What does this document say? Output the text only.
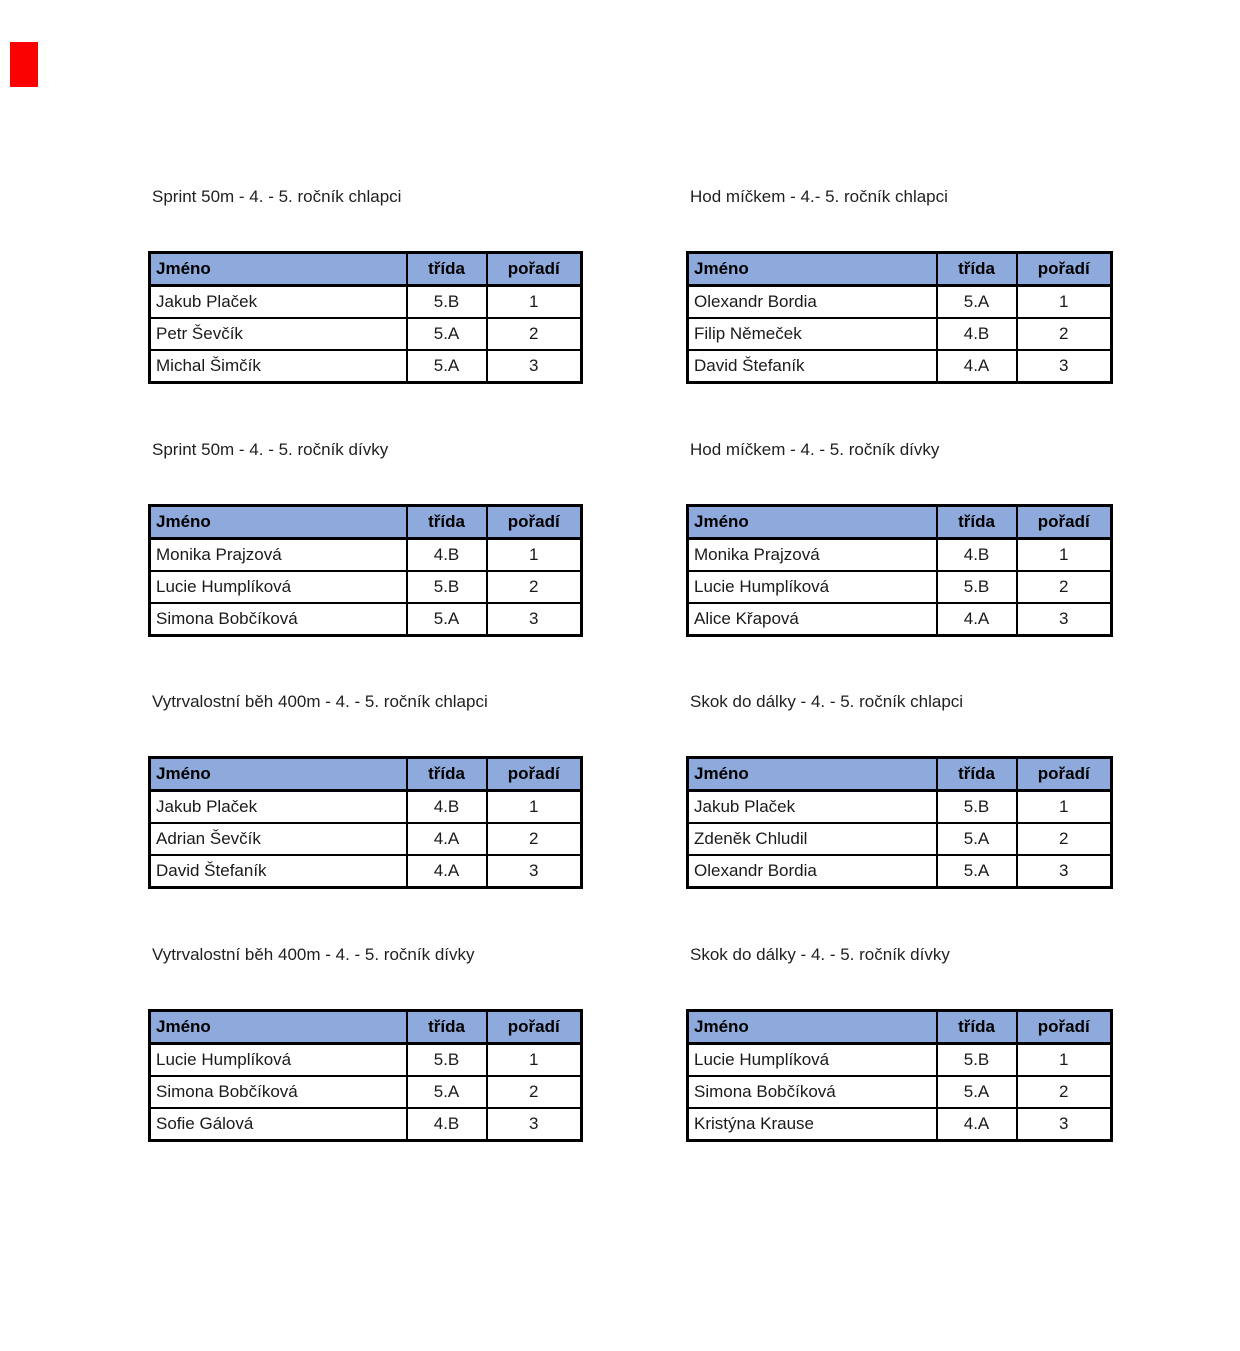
Sprint 50m - 4. - 5. ročník chlapci
Jméno	třída	pořadí
Jakub Plaček	5.B	1
Petr Ševčík	5.A	2
Michal Šimčík	5.A	3
Hod míčkem - 4.- 5. ročník chlapci
Jméno	třída	pořadí
Olexandr Bordia	5.A	1
Filip Němeček	4.B	2
David Štefaník	4.A	3
Sprint 50m - 4. - 5. ročník dívky
Jméno	třída	pořadí
Monika Prajzová	4.B	1
Lucie Humplíková	5.B	2
Simona Bobčíková	5.A	3
Hod míčkem - 4. - 5. ročník dívky
Jméno	třída	pořadí
Monika Prajzová	4.B	1
Lucie Humplíková	5.B	2
Alice Křapová	4.A	3
Vytrvalostní běh 400m - 4. - 5. ročník chlapci
Jméno	třída	pořadí
Jakub Plaček	4.B	1
Adrian Ševčík	4.A	2
David Štefaník	4.A	3
Skok do dálky - 4. - 5. ročník chlapci
Jméno	třída	pořadí
Jakub Plaček	5.B	1
Zdeněk Chludil	5.A	2
Olexandr Bordia	5.A	3
Vytrvalostní běh 400m - 4. - 5. ročník dívky
Jméno	třída	pořadí
Lucie Humplíková	5.B	1
Simona Bobčíková	5.A	2
Sofie Gálová	4.B	3
Skok do dálky - 4. - 5. ročník dívky
Jméno	třída	pořadí
Lucie Humplíková	5.B	1
Simona Bobčíková	5.A	2
Kristýna Krause	4.A	3
